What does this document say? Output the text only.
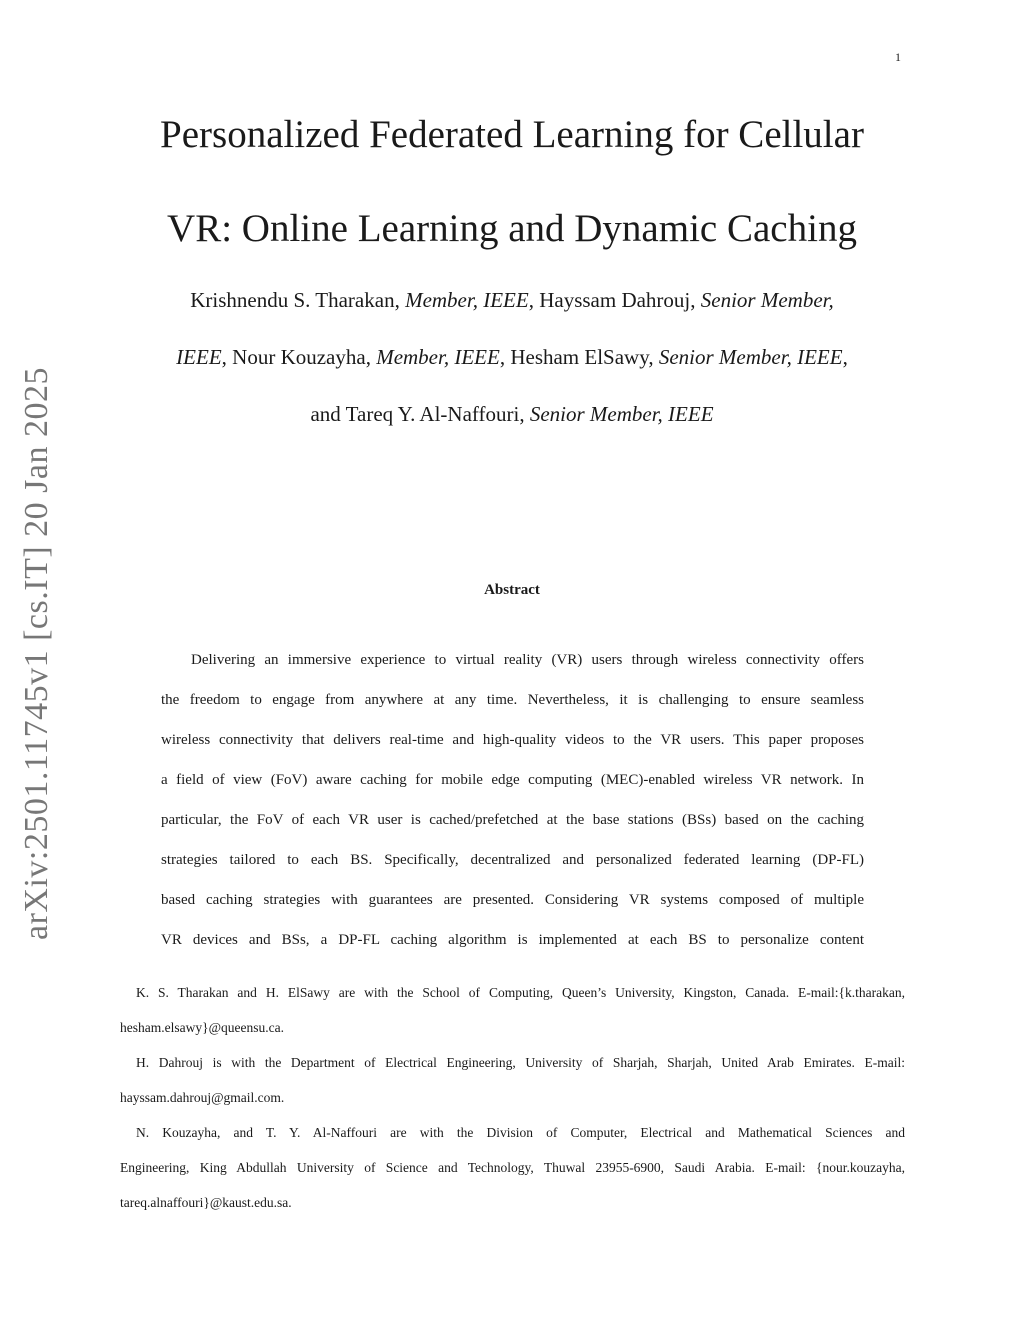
1
arXiv:2501.11745v1 [cs.IT] 20 Jan 2025
Personalized Federated Learning for Cellular
VR: Online Learning and Dynamic Caching
Krishnendu S. Tharakan, Member, IEEE, Hayssam Dahrouj, Senior Member,
IEEE, Nour Kouzayha, Member, IEEE, Hesham ElSawy, Senior Member, IEEE,
and Tareq Y. Al-Naffouri, Senior Member, IEEE
Abstract
Delivering an immersive experience to virtual reality (VR) users through wireless connectivity offers
the freedom to engage from anywhere at any time. Nevertheless, it is challenging to ensure seamless
wireless connectivity that delivers real-time and high-quality videos to the VR users. This paper proposes
a field of view (FoV) aware caching for mobile edge computing (MEC)-enabled wireless VR network. In
particular, the FoV of each VR user is cached/prefetched at the base stations (BSs) based on the caching
strategies tailored to each BS. Specifically, decentralized and personalized federated learning (DP-FL)
based caching strategies with guarantees are presented. Considering VR systems composed of multiple
VR devices and BSs, a DP-FL caching algorithm is implemented at each BS to personalize content
K. S. Tharakan and H. ElSawy are with the School of Computing, Queen’s University, Kingston, Canada. E-mail:{k.tharakan,
hesham.elsawy}@queensu.ca.
H. Dahrouj is with the Department of Electrical Engineering, University of Sharjah, Sharjah, United Arab Emirates. E-mail:
hayssam.dahrouj@gmail.com.
N. Kouzayha, and T. Y. Al-Naffouri are with the Division of Computer, Electrical and Mathematical Sciences and
Engineering, King Abdullah University of Science and Technology, Thuwal 23955-6900, Saudi Arabia. E-mail: {nour.kouzayha,
tareq.alnaffouri}@kaust.edu.sa.
